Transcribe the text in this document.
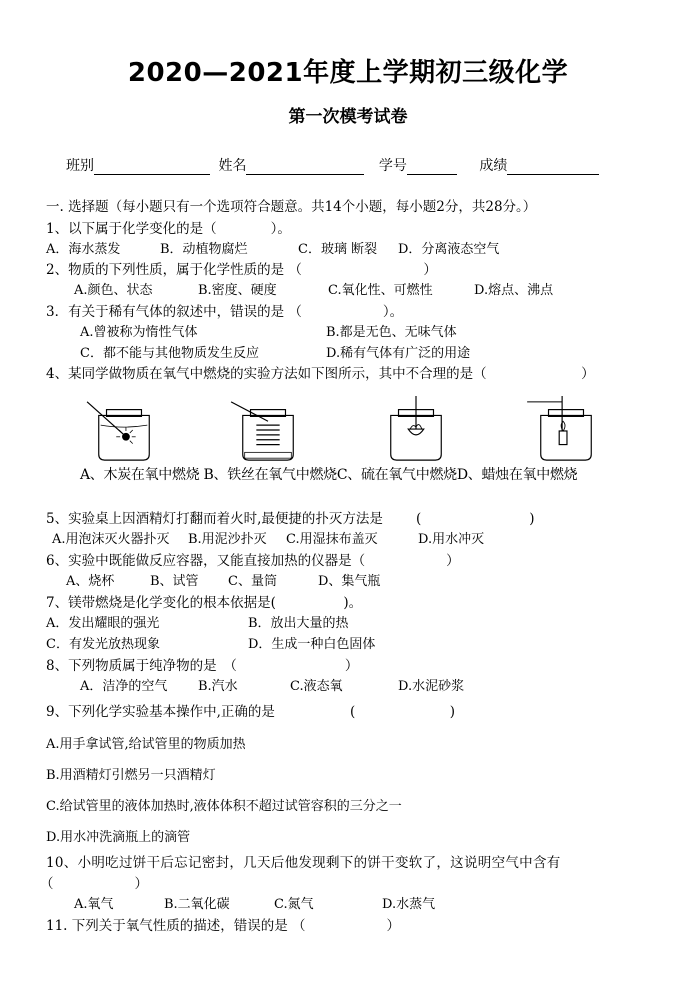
2020—2021年度上学期初三级化学
第一次模考试卷
班别	姓名	学号	成绩
一. 选择题（每小题只有一个选项符合题意。共14个小题，每小题2分，共28分。）
1、以下属于化学变化的是（　　　　）。
A．海水蒸发	B．动植物腐烂	C．玻璃 断裂 D．分离液态空气
2、物质的下列性质，属于化学性质的是 （　　　　　　　　　）
A.颜色、状态	B.密度、硬度	C.氧化性、可燃性	D.熔点、沸点
3．有关于稀有气体的叙述中，错误的是 （　　　　　　）。
A.曾被称为惰性气体	B.都是无色、无味气体
C．都不能与其他物质发生反应	D.稀有气体有广泛的用途
4、某同学做物质在氧气中燃烧的实验方法如下图所示，其中不合理的是（　　　　　　　）
A、木炭在氧中燃烧 B、铁丝在氧气中燃烧C、硫在氧气中燃烧D、蜡烛在氧中燃烧
5、实验桌上因酒精灯打翻而着火时,最便捷的扑灭方法是 (　　　　　　　　)
A.用泡沫灭火器扑灭 B.用泥沙扑灭 C.用湿抹布盖灭	D.用水冲灭
6、实验中既能做反应容器，又能直接加热的仪器是（　　　　　　）
A、烧杯	B、试管 C、量筒	D、集气瓶
7、镁带燃烧是化学变化的根本依据是(　　　　　)。
A．发出耀眼的强光	B．放出大量的热
C．有发光放热现象	D．生成一种白色固体
8、下列物质属于纯净物的是　（　　　　　　　　）
A．洁净的空气 B.汽水	C.液态氧	D.水泥砂浆
9、下列化学实验基本操作中,正确的是	(　　　　　　　)
A.用手拿试管,给试管里的物质加热
B.用酒精灯引燃另一只酒精灯
C.给试管里的液体加热时,液体体积不超过试管容积的三分之一
D.用水冲洗滴瓶上的滴管
10、小明吃过饼干后忘记密封，几天后他发现剩下的饼干变软了，这说明空气中含有
（　　　　　　）
A.氧气	B.二氧化碳	C.氮气	D.水蒸气
11. 下列关于氧气性质的描述，错误的是 （　　　　　　）
